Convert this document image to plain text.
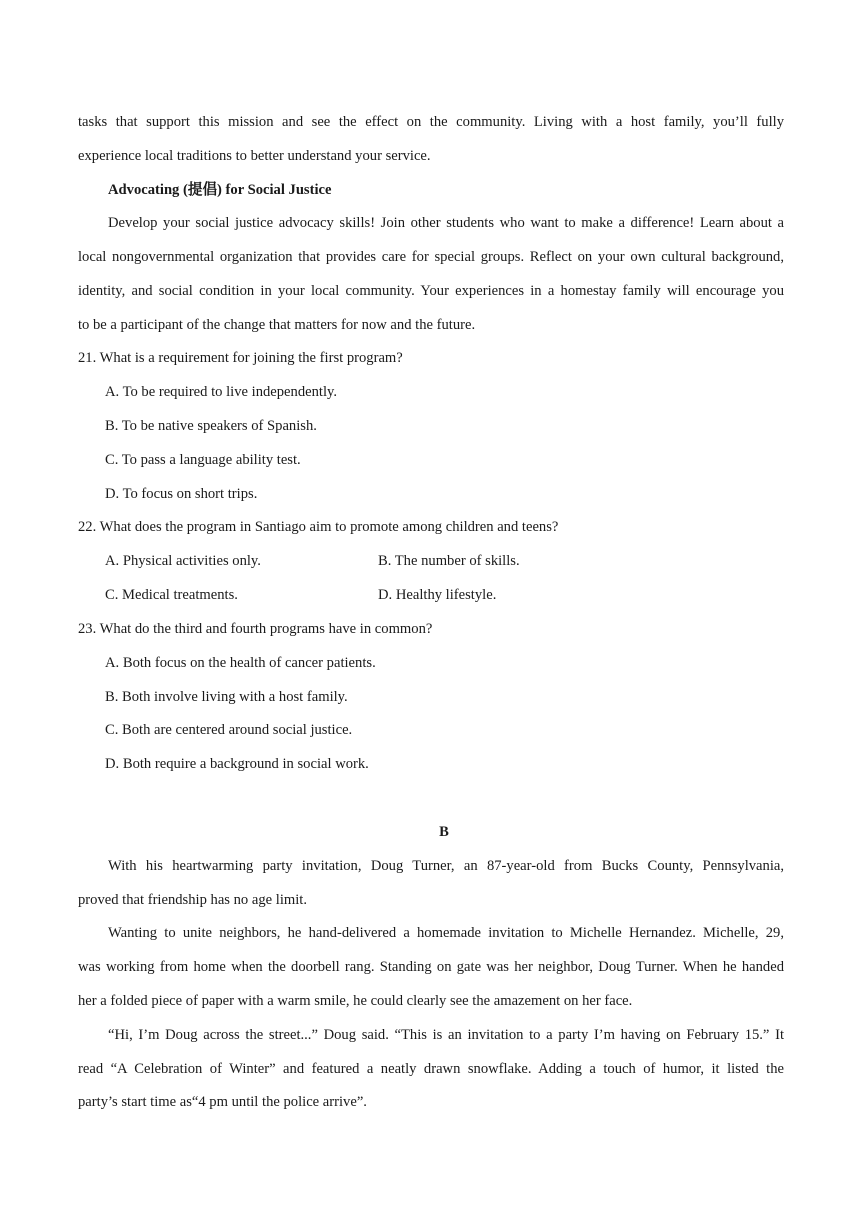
tasks that support this mission and see the effect on the community. Living with a host family, you’ll fully
experience local traditions to better understand your service.
Advocating (提倡) for Social Justice
Develop your social justice advocacy skills! Join other students who want to make a difference! Learn about a
local nongovernmental organization that provides care for special groups. Reflect on your own cultural background,
identity, and social condition in your local community. Your experiences in a homestay family will encourage you
to be a participant of the change that matters for now and the future.
21. What is a requirement for joining the first program?
A. To be required to live independently.
B. To be native speakers of Spanish.
C. To pass a language ability test.
D. To focus on short trips.
22. What does the program in Santiago aim to promote among children and teens?
A. Physical activities only.	B. The number of skills.
C. Medical treatments.	D. Healthy lifestyle.
23. What do the third and fourth programs have in common?
A. Both focus on the health of cancer patients.
B. Both involve living with a host family.
C. Both are centered around social justice.
D. Both require a background in social work.
B
With his heartwarming party invitation, Doug Turner, an 87-year-old from Bucks County, Pennsylvania,
proved that friendship has no age limit.
Wanting to unite neighbors, he hand-delivered a homemade invitation to Michelle Hernandez. Michelle, 29,
was working from home when the doorbell rang. Standing on gate was her neighbor, Doug Turner. When he handed
her a folded piece of paper with a warm smile, he could clearly see the amazement on her face.
“Hi, I’m Doug across the street...” Doug said. “This is an invitation to a party I’m having on February 15.” It
read “A Celebration of Winter” and featured a neatly drawn snowflake. Adding a touch of humor, it listed the
party’s start time as“4 pm until the police arrive”.
